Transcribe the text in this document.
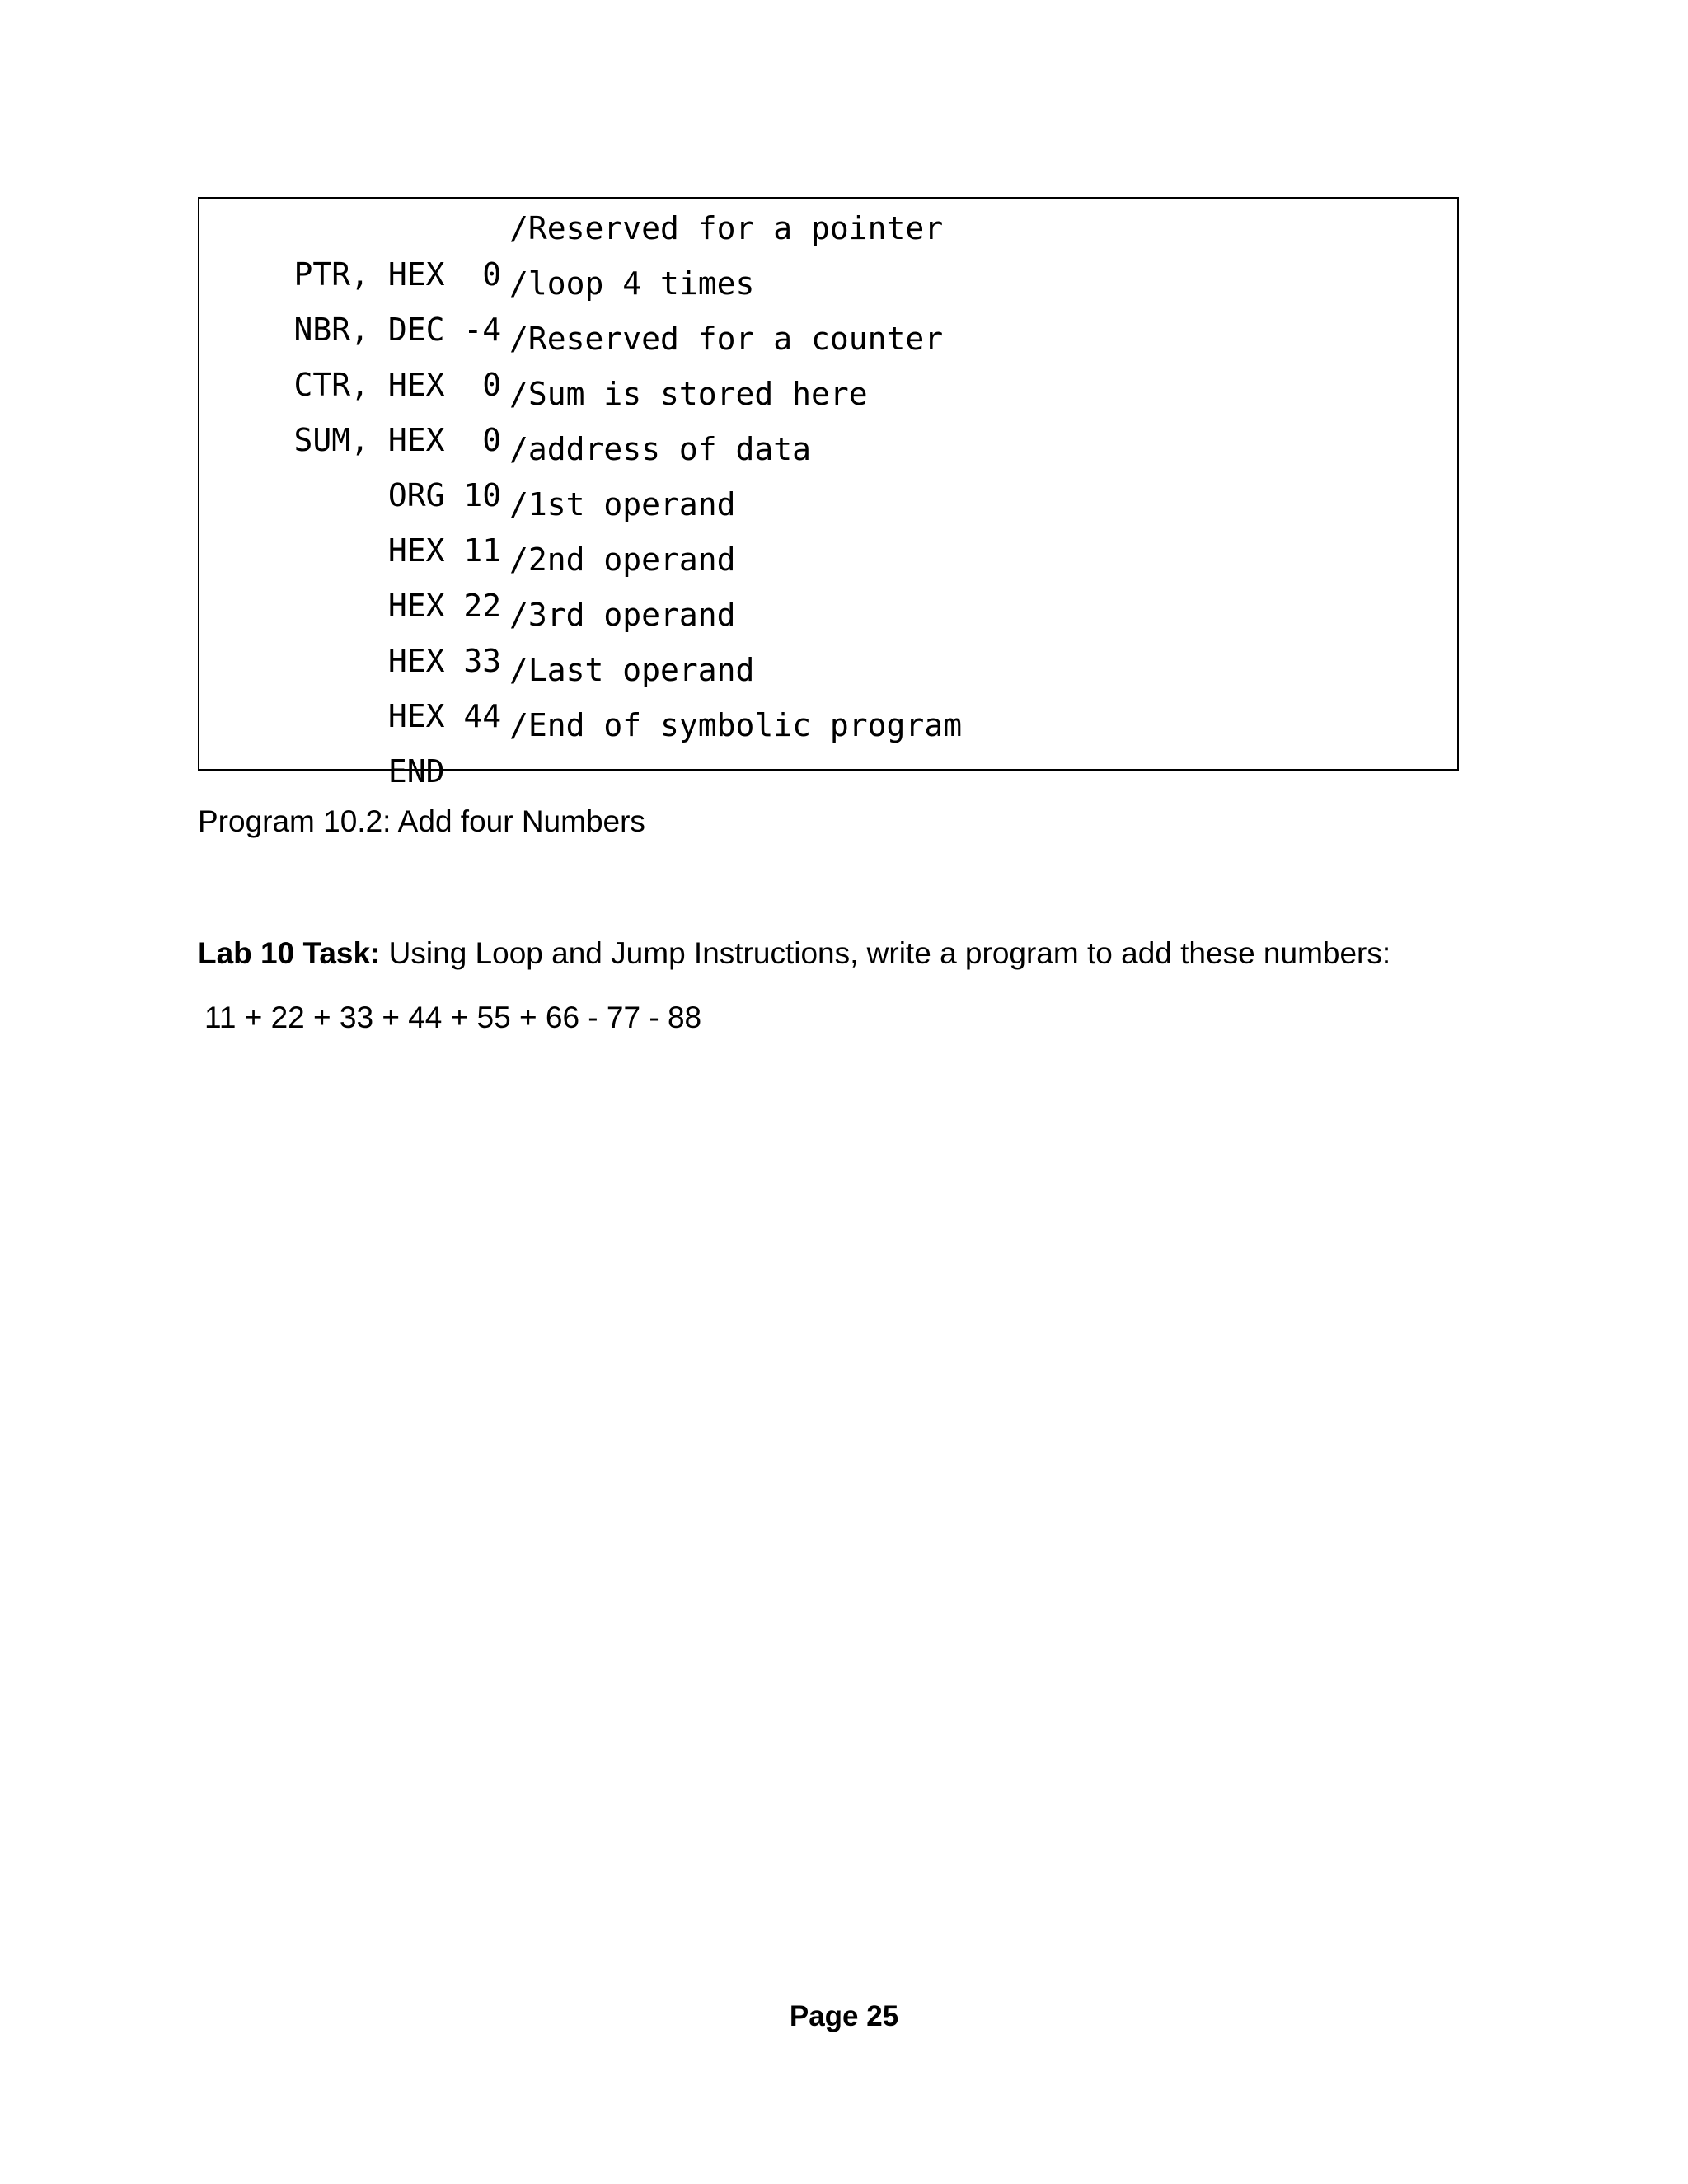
PTR, HEX  0

/Reserved for a pointer

NBR, DEC -4

/loop 4 times

CTR, HEX  0

/Reserved for a counter

SUM, HEX  0

/Sum is stored here

ORG 10

/address of data

HEX 11

/1st operand

HEX 22

/2nd operand

HEX 33

/3rd operand

HEX 44

/Last operand

END

/End of symbolic program

Program 10.2: Add four Numbers
Lab 10 Task: Using Loop and Jump Instructions, write a program to add these numbers:
11 + 22 + 33 + 44 + 55 + 66 - 77 - 88
Page 25
